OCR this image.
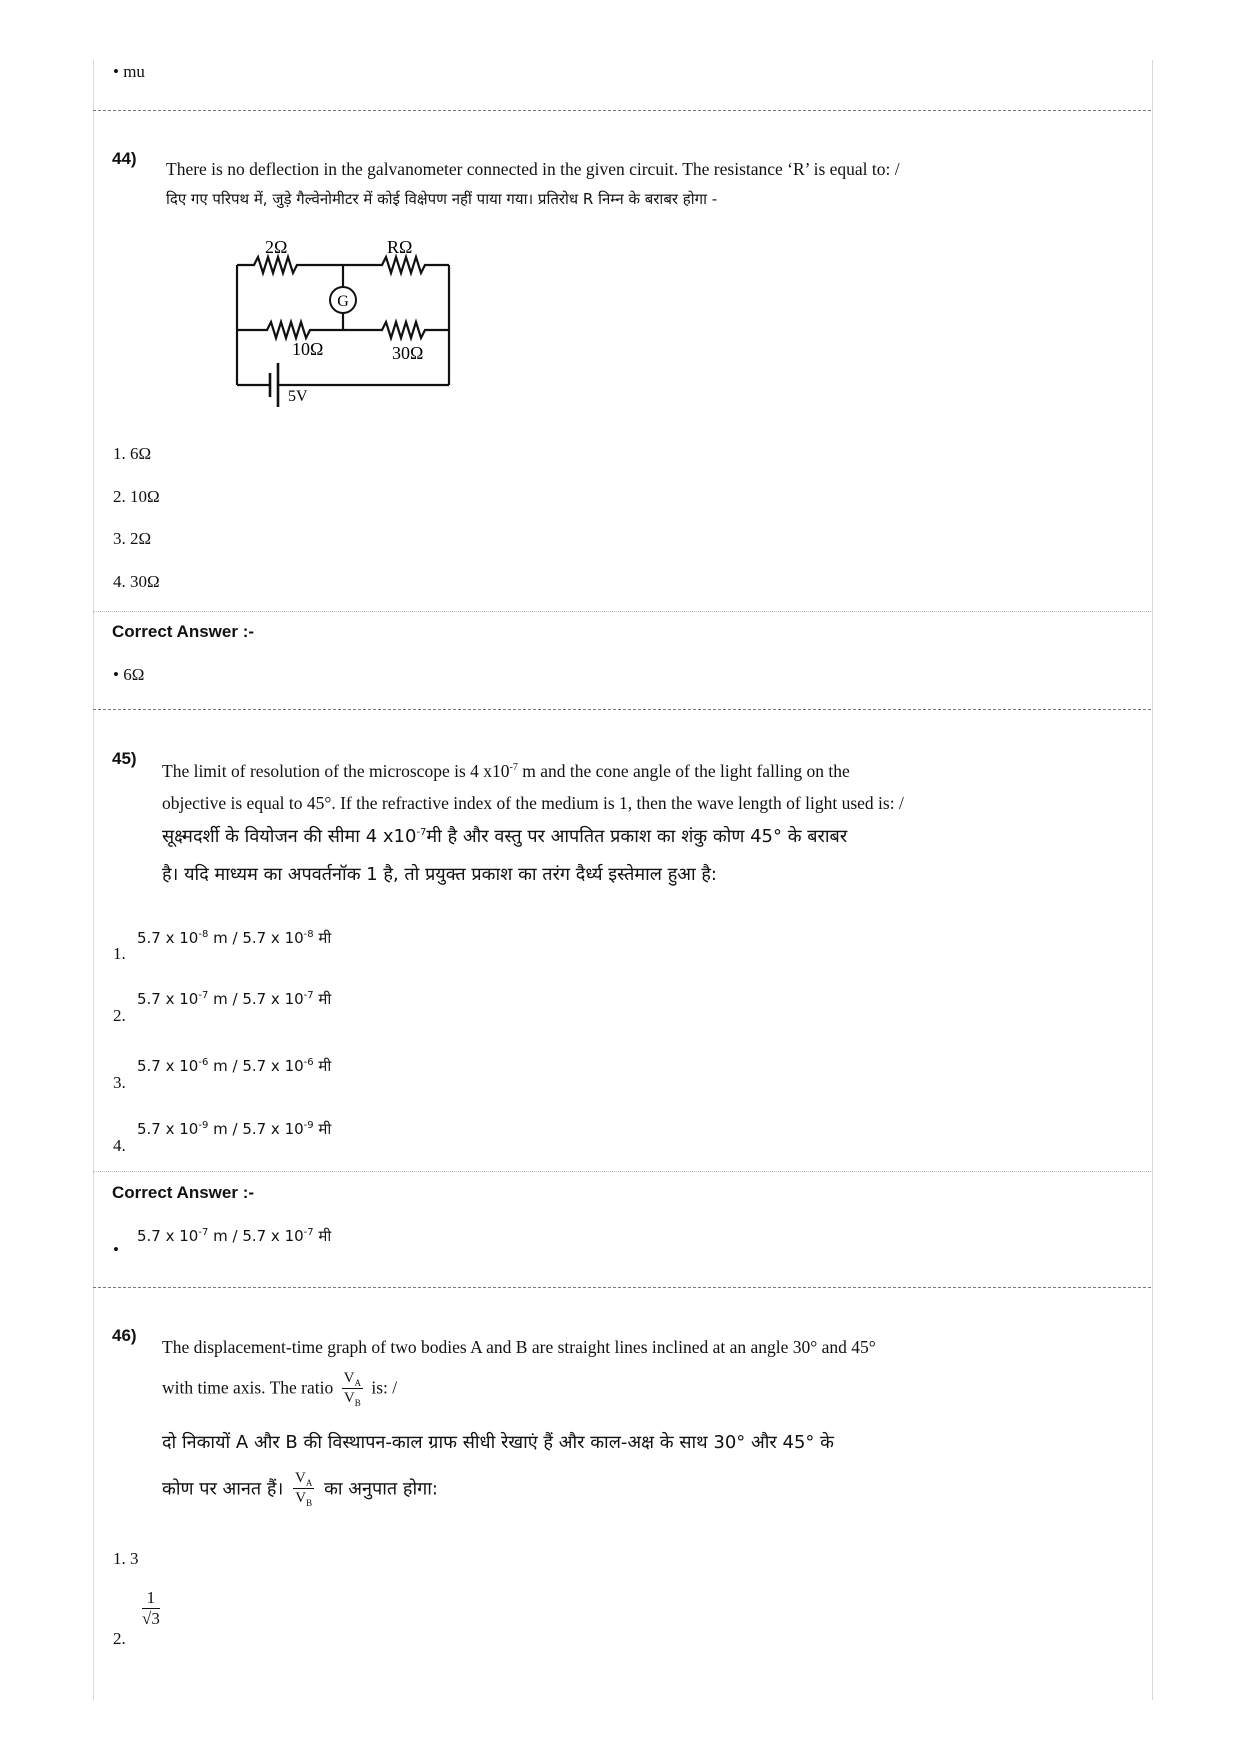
• mu
44)
There is no deflection in the galvanometer connected in the given circuit. The resistance ‘R’ is equal to: /
दिए गए परिपथ में, जुड़े गैल्वेनोमीटर में कोई विक्षेपण नहीं पाया गया। प्रतिरोध R निम्न के बराबर होगा -
G
2Ω	RΩ
10Ω	30Ω
5V
1. 6Ω
2. 10Ω
3. 2Ω
4. 30Ω
Correct Answer :-
• 6Ω
45)
The limit of resolution of the microscope is 4 $x10^{-7}$ m and the cone angle of the light falling on the
objective is equal to 45°. If the refractive index of the medium is 1, then the wave length of light used is: /
सूक्ष्मदर्शी के वियोजन की सीमा 4 $x10^{-7}मी$ है और वस्तु पर आपतित प्रकाश का शंकु कोण 45° के बराबर
है। यदि माध्यम का अपवर्तनॉक 1 है, तो प्रयुक्त प्रकाश का तरंग दैर्ध्य इस्तेमाल हुआ है:
1.
5.7 x $10^{-8}$ m / 5.7 x $10^{-8}$ मी
2.
5.7 x $10^{-7}$ m / 5.7 x $10^{-7}$ मी
3.
5.7 x $10^{-6}$ m / 5.7 x $10^{-6}$ मी
4.
5.7 x $10^{-9}$ m / 5.7 x $10^{-9}$ मी
Correct Answer :-
•
5.7 x $10^{-7}$ m / 5.7 x $10^{-7}$ मी
46)
The displacement-time graph of two bodies A and B are straight lines inclined at an angle 30° and 45°
with time axis. The ratio $\frac{V_A}{V_B}$ is: /
दो निकायों A और B की विस्थापन-काल ग्राफ सीधी रेखाएं हैं और काल-अक्ष के साथ 30° और 45° के
कोण पर आनत हैं। $\frac{V_A}{V_B}$ का अनुपात होगा:
1. 3
2.
$\frac{1}{√3}$
